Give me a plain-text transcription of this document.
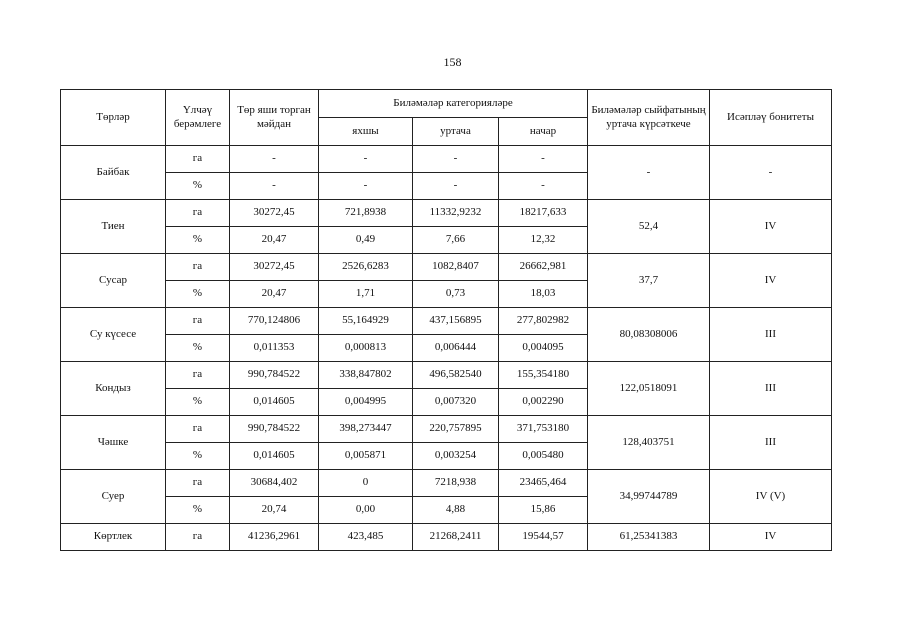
158
Төрләр	Үлчәү берәмлеге	Төр яши торган мәйдан	Биләмәләр категорияләре			Биләмәләр сыйфатының уртача күрсәткече	Исәпләү бонитеты
			яхшы	уртача	начар		
Байбак	га	-	-	-	-	-	-
	%	-	-	-	-		
Тиен	га	30272,45	721,8938	11332,9232	18217,633	52,4	IV
	%	20,47	0,49	7,66	12,32		
Сусар	га	30272,45	2526,6283	1082,8407	26662,981	37,7	IV
	%	20,47	1,71	0,73	18,03		
Су күсесе	га	770,124806	55,164929	437,156895	277,802982	80,08308006	III
	%	0,011353	0,000813	0,006444	0,004095		
Кондыз	га	990,784522	338,847802	496,582540	155,354180	122,0518091	III
	%	0,014605	0,004995	0,007320	0,002290		
Чәшке	га	990,784522	398,273447	220,757895	371,753180	128,403751	III
	%	0,014605	0,005871	0,003254	0,005480		
Суер	га	30684,402	0	7218,938	23465,464	34,99744789	IV (V)
	%	20,74	0,00	4,88	15,86		
Көртлек	га	41236,2961	423,485	21268,2411	19544,57	61,25341383	IV
